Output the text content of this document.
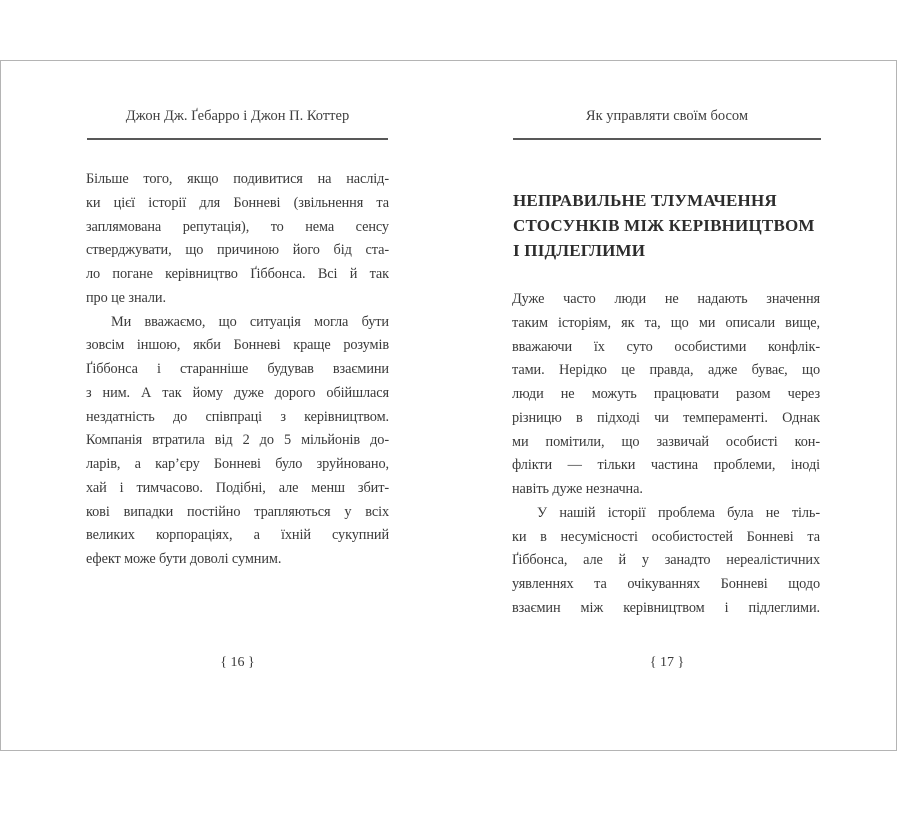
Джон Дж. Ґебарро і Джон П. Коттер
Більше того, якщо подивитися на наслід-
ки цієї історії для Бонневі (звільнення та
заплямована репутація), то нема сенсу
стверджувати, що причиною його бід ста-
ло погане керівництво Ґіббонса. Всі й так
про це знали.
Ми вважаємо, що ситуація могла бути
зовсім іншою, якби Бонневі краще розумів
Ґіббонса і старанніше будував взаємини
з ним. А так йому дуже дорого обійшлася
нездатність до співпраці з керівництвом.
Компанія втратила від 2 до 5 мільйонів до-
ларів, а кар’єру Бонневі було зруйновано,
хай і тимчасово. Подібні, але менш збит-
кові випадки постійно трапляються у всіх
великих корпораціях, а їхній сукупний
ефект може бути доволі сумним.
{ 16 }
Як управляти своїм босом
НЕПРАВИЛЬНЕ ТЛУМАЧЕННЯ
СТОСУНКІВ МІЖ КЕРІВНИЦТВОМ
І ПІДЛЕГЛИМИ
Дуже часто люди не надають значення
таким історіям, як та, що ми описали вище,
вважаючи їх суто особистими конфлік-
тами. Нерідко це правда, адже буває, що
люди не можуть працювати разом через
різницю в підході чи темпераменті. Однак
ми помітили, що зазвичай особисті кон-
флікти — тільки частина проблеми, іноді
навіть дуже незначна.
У нашій історії проблема була не тіль-
ки в несумісності особистостей Бонневі та
Ґіббонса, але й у занадто нереалістичних
уявленнях та очікуваннях Бонневі щодо
взаємин між керівництвом і підлеглими.
{ 17 }
